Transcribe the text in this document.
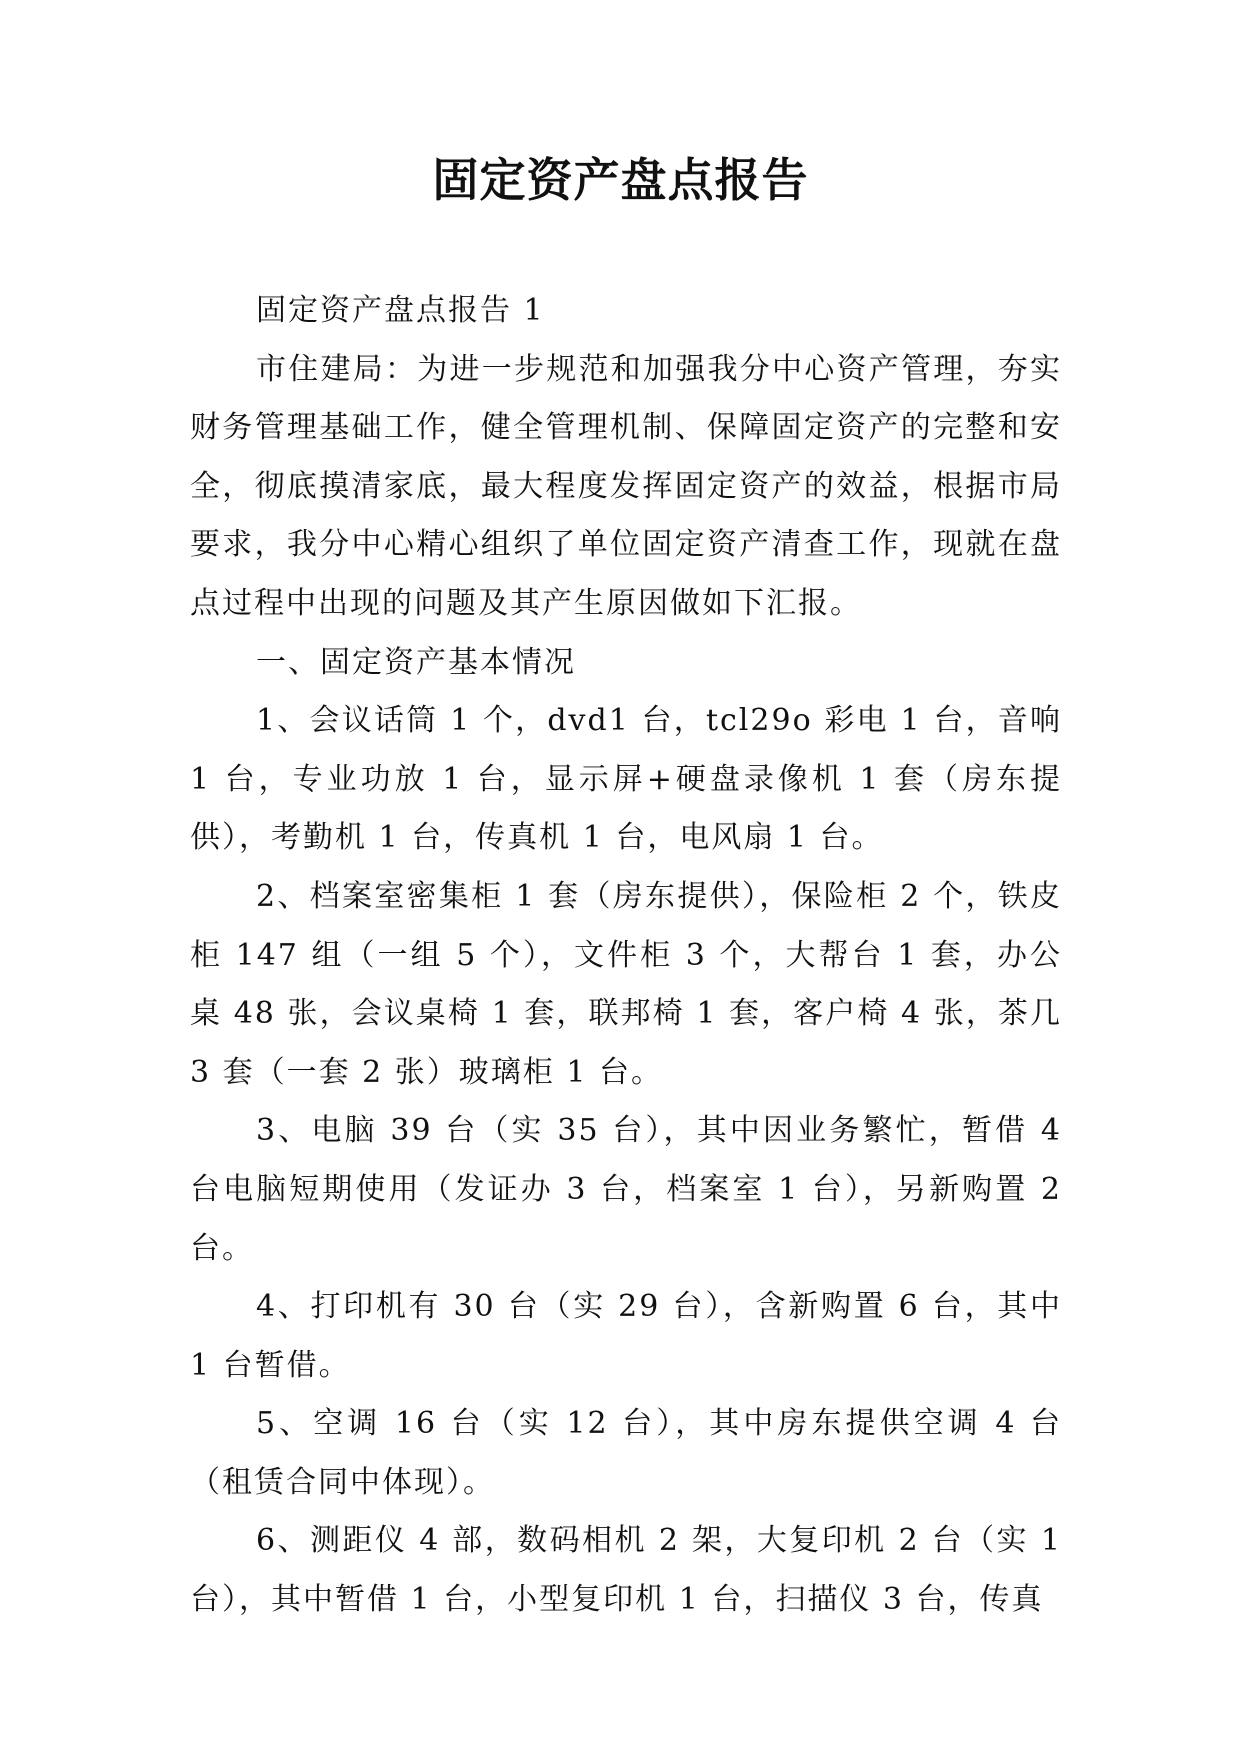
固定资产盘点报告

固定资产盘点报告 1

市住建局：为进一步规范和加强我分中心资产管理，夯实财务管理基础工作，健全管理机制、保障固定资产的完整和安全，彻底摸清家底，最大程度发挥固定资产的效益，根据市局要求，我分中心精心组织了单位固定资产清查工作，现就在盘点过程中出现的问题及其产生原因做如下汇报。

一、固定资产基本情况

1、会议话筒 1 个，dvd1 台，tcl29o 彩电 1 台，音响 1 台，专业功放 1 台，显示屏+硬盘录像机 1 套（房东提供），考勤机 1 台，传真机 1 台，电风扇 1 台。

2、档案室密集柜 1 套（房东提供），保险柜 2 个，铁皮柜 147 组（一组 5 个），文件柜 3 个，大帮台 1 套，办公桌 48 张，会议桌椅 1 套，联邦椅 1 套，客户椅 4 张，茶几 3 套（一套 2 张）玻璃柜 1 台。

3、电脑 39 台（实 35 台），其中因业务繁忙，暂借 4 台电脑短期使用（发证办 3 台，档案室 1 台），另新购置 2 台。

4、打印机有 30 台（实 29 台），含新购置 6 台，其中 1 台暂借。

5、空调 16 台（实 12 台），其中房东提供空调 4 台（租赁合同中体现）。

6、测距仪 4 部，数码相机 2 架，大复印机 2 台（实 1 台），其中暂借 1 台，小型复印机 1 台，扫描仪 3 台，传真
